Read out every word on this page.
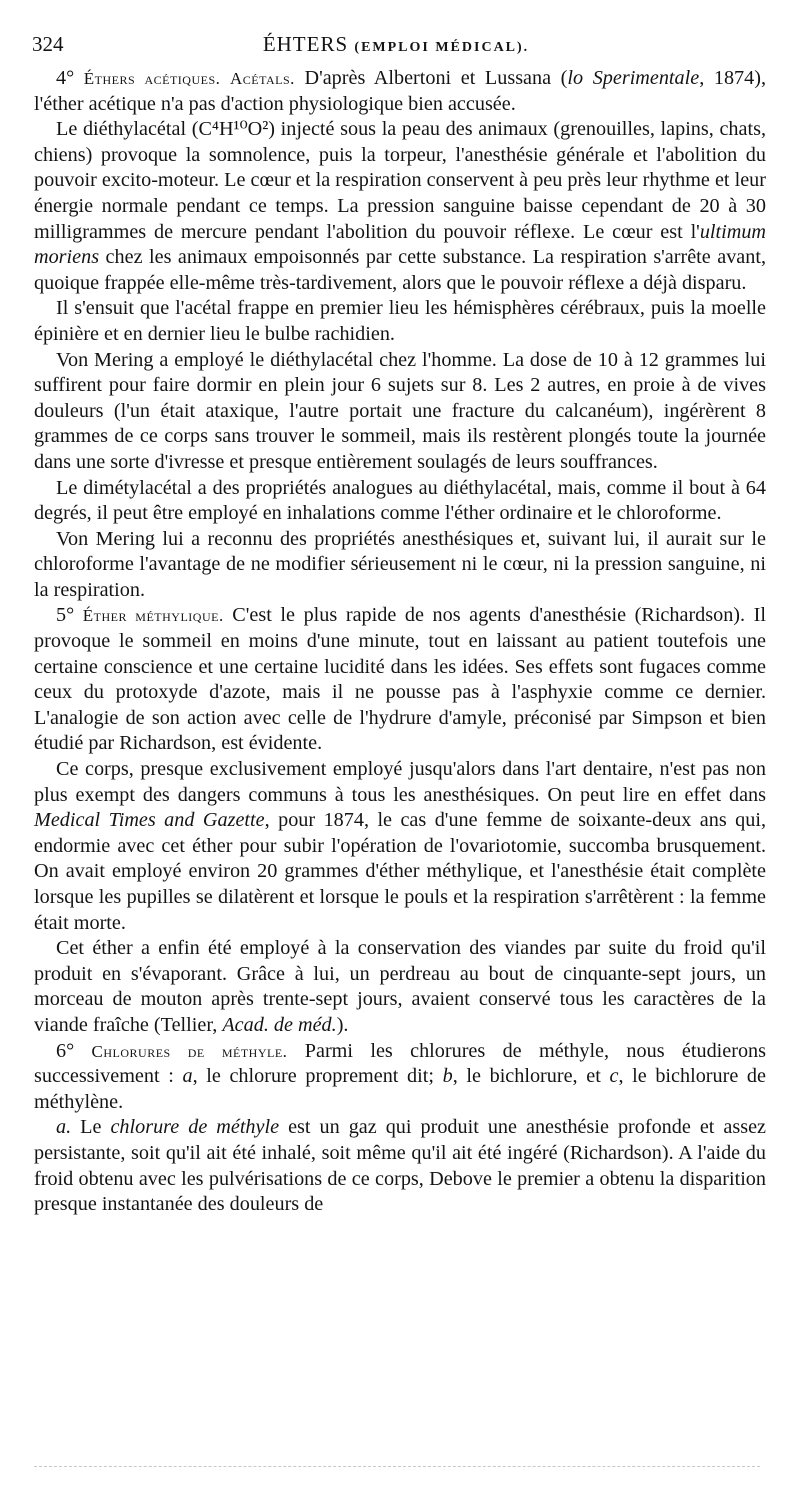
324	ÉHTERS (EMPLOI MÉDICAL).

4° Éthers acétiques. Acétals. D'après Albertoni et Lussana (lo Sperimentale, 1874), l'éther acétique n'a pas d'action physiologique bien accusée.

Le diéthylacétal (C⁴H¹⁰O²) injecté sous la peau des animaux (grenouilles, lapins, chats, chiens) provoque la somnolence, puis la torpeur, l'anesthésie générale et l'abolition du pouvoir excito-moteur. Le cœur et la respiration conservent à peu près leur rhythme et leur énergie normale pendant ce temps. La pression sanguine baisse cependant de 20 à 30 milligrammes de mercure pendant l'abolition du pouvoir réflexe. Le cœur est l'ultimum moriens chez les animaux empoisonnés par cette substance. La respiration s'arrête avant, quoique frappée elle-même très-tardivement, alors que le pouvoir réflexe a déjà disparu.

Il s'ensuit que l'acétal frappe en premier lieu les hémisphères cérébraux, puis la moelle épinière et en dernier lieu le bulbe rachidien.

Von Mering a employé le diéthylacétal chez l'homme. La dose de 10 à 12 grammes lui suffirent pour faire dormir en plein jour 6 sujets sur 8. Les 2 autres, en proie à de vives douleurs (l'un était ataxique, l'autre portait une fracture du calcanéum), ingérèrent 8 grammes de ce corps sans trouver le sommeil, mais ils restèrent plongés toute la journée dans une sorte d'ivresse et presque entièrement soulagés de leurs souffrances.

Le dimétylacétal a des propriétés analogues au diéthylacétal, mais, comme il bout à 64 degrés, il peut être employé en inhalations comme l'éther ordinaire et le chloroforme.

Von Mering lui a reconnu des propriétés anesthésiques et, suivant lui, il aurait sur le chloroforme l'avantage de ne modifier sérieusement ni le cœur, ni la pression sanguine, ni la respiration.

5° Éther méthylique. C'est le plus rapide de nos agents d'anesthésie (Richardson). Il provoque le sommeil en moins d'une minute, tout en laissant au patient toutefois une certaine conscience et une certaine lucidité dans les idées. Ses effets sont fugaces comme ceux du protoxyde d'azote, mais il ne pousse pas à l'asphyxie comme ce dernier. L'analogie de son action avec celle de l'hydrure d'amyle, préconisé par Simpson et bien étudié par Richardson, est évidente.

Ce corps, presque exclusivement employé jusqu'alors dans l'art dentaire, n'est pas non plus exempt des dangers communs à tous les anesthésiques. On peut lire en effet dans Medical Times and Gazette, pour 1874, le cas d'une femme de soixante-deux ans qui, endormie avec cet éther pour subir l'opération de l'ovariotomie, succomba brusquement. On avait employé environ 20 grammes d'éther méthylique, et l'anesthésie était complète lorsque les pupilles se dilatèrent et lorsque le pouls et la respiration s'arrêtèrent : la femme était morte.

Cet éther a enfin été employé à la conservation des viandes par suite du froid qu'il produit en s'évaporant. Grâce à lui, un perdreau au bout de cinquante-sept jours, un morceau de mouton après trente-sept jours, avaient conservé tous les caractères de la viande fraîche (Tellier, Acad. de méd.).

6° Chlorures de méthyle. Parmi les chlorures de méthyle, nous étudierons successivement : a, le chlorure proprement dit; b, le bichlorure, et c, le bichlorure de méthylène.

a. Le chlorure de méthyle est un gaz qui produit une anesthésie profonde et assez persistante, soit qu'il ait été inhalé, soit même qu'il ait été ingéré (Richardson). A l'aide du froid obtenu avec les pulvérisations de ce corps, Debove le premier a obtenu la disparition presque instantanée des douleurs de
